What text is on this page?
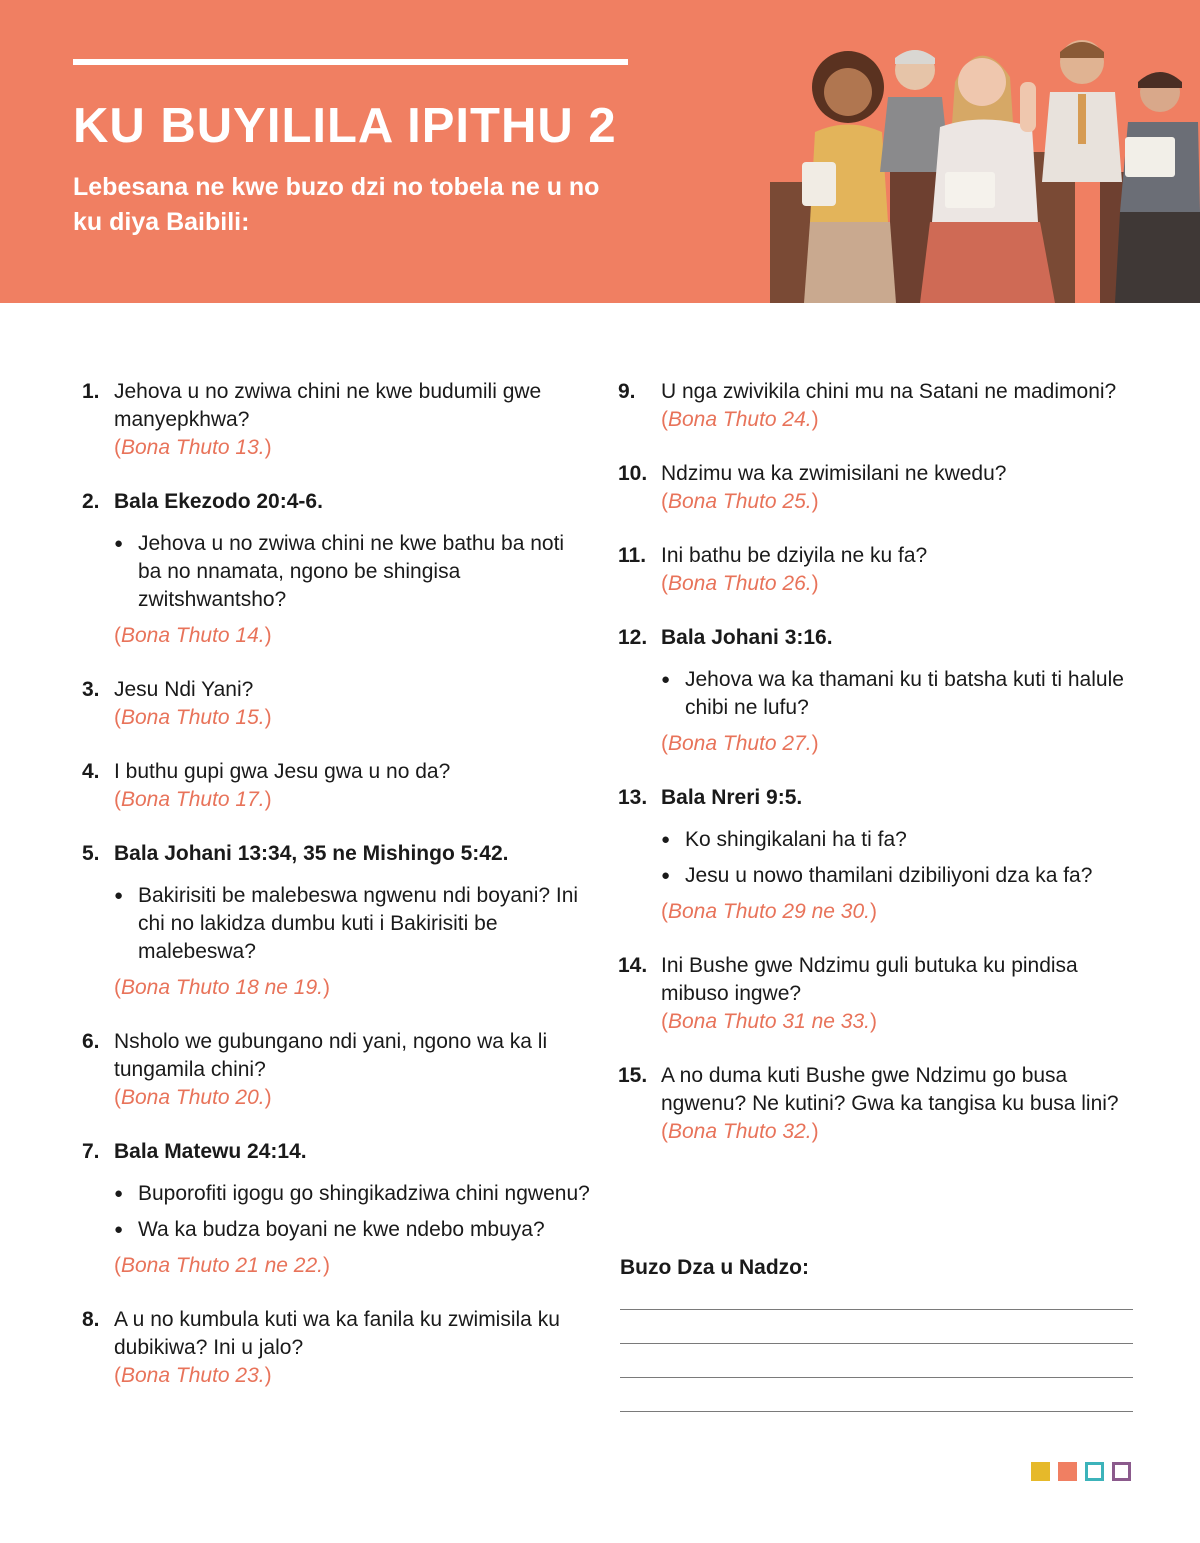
KU BUYILILA IPITHU 2

Lebesana ne kwe buzo dzi no tobela ne u no ku diya Baibili:

1. Jehova u no zwiwa chini ne kwe budumili gwe manyepkhwa?
(Bona Thuto 13.)
2. Bala Ekezodo 20:4-6.
● Jehova u no zwiwa chini ne kwe bathu ba noti ba no nnamata, ngono be shingisa zwitshwantsho?
(Bona Thuto 14.)
3. Jesu Ndi Yani?
(Bona Thuto 15.)
4. I buthu gupi gwa Jesu gwa u no da?
(Bona Thuto 17.)
5. Bala Johani 13:34, 35 ne Mishingo 5:42.
● Bakirisiti be malebeswa ngwenu ndi boyani? Ini chi no lakidza dumbu kuti i Bakirisiti be malebeswa?
(Bona Thuto 18 ne 19.)
6. Nsholo we gubungano ndi yani, ngono wa ka li tungamila chini?
(Bona Thuto 20.)
7. Bala Matewu 24:14.
● Buporofiti igogu go shingikadziwa chini ngwenu?
● Wa ka budza boyani ne kwe ndebo mbuya?
(Bona Thuto 21 ne 22.)
8. A u no kumbula kuti wa ka fanila ku zwimisila ku dubikiwa? Ini u jalo?
(Bona Thuto 23.)
9. U nga zwivikila chini mu na Satani ne madimoni?
(Bona Thuto 24.)
10. Ndzimu wa ka zwimisilani ne kwedu?
(Bona Thuto 25.)
11. Ini bathu be dziyila ne ku fa?
(Bona Thuto 26.)
12. Bala Johani 3:16.
● Jehova wa ka thamani ku ti batsha kuti ti halule chibi ne lufu?
(Bona Thuto 27.)
13. Bala Nreri 9:5.
● Ko shingikalani ha ti fa?
● Jesu u nowo thamilani dzibiliyoni dza ka fa?
(Bona Thuto 29 ne 30.)
14. Ini Bushe gwe Ndzimu guli butuka ku pindisa mibuso ingwe?
(Bona Thuto 31 ne 33.)
15. A no duma kuti Bushe gwe Ndzimu go busa ngwenu? Ne kutini? Gwa ka tangisa ku busa lini?
(Bona Thuto 32.)

Buzo Dza u Nadzo:
